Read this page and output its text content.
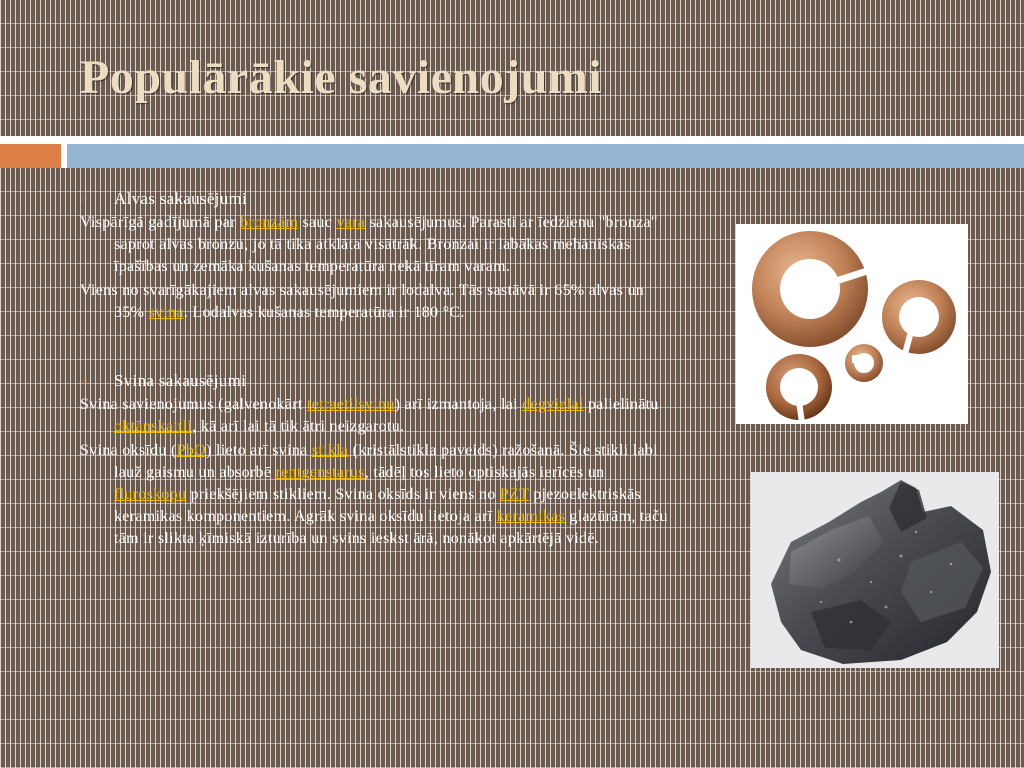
Populārākie savienojumi
○ Alvas sakausējumi

Vispārīgā gadījumā par bronzām sauc vara sakausējumus. Parasti ar īedzienu "bronza" saprot alvas bronzu, jo tā tika atklāta visātrāk. Bronzai ir labākas mehāniskās īpašības un zemāka kušanas temperatūra nekā tīram varam.

Viens no svarīgākajiem alvas sakausējumiem ir lodalva. Tās sastāvā ir 65% alvas un 35% svina. Lodalvas kušanas temperatūra ir 180 °C.

○ Svina sakausējumi

Svina savienojumus (galvenokārt tetraetilsvinu) arī izmantoja, lai degvielai palielinātu oktānskaitli, kā arī lai tā tik ātri neizgarotu.

Svina oksīdu (PbO) lieto arī svina stikla (kristālstikla paveids) ražošanā. Šie stikli labi lauž gaismu un absorbē rentgenstarus, tādēļ tos lieto optiskajās ierīcēs un fluroskopu priekšējiem stikliem. Svina oksīds ir viens no PZT pjezoelektriskās keramikas komponentiem. Agrāk svina oksīdu lietoja arī keramikas glazūrām, taču tām ir slikta ķīmiskā izturība un svins ieskst ārā, nonākot apkārtējā vidē.
